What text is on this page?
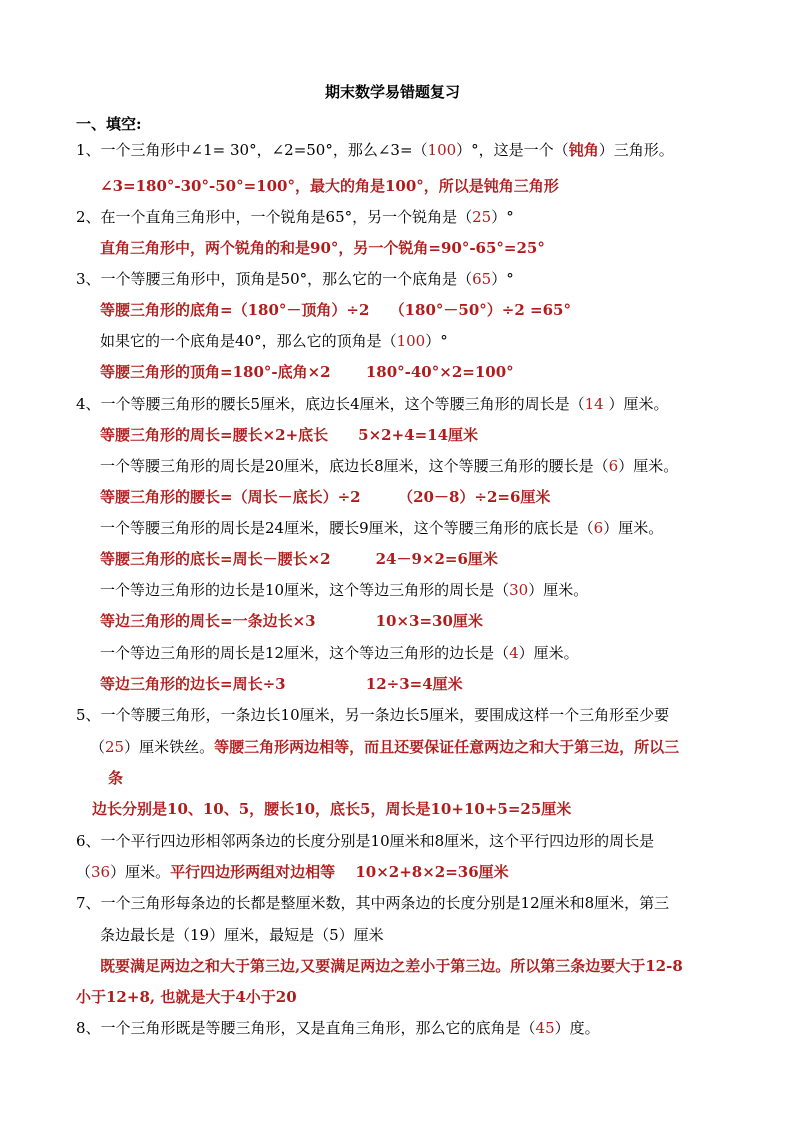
期末数学易错题复习
一、填空:
1、一个三角形中∠1= 30°，∠2=50°，那么∠3=（100）°，这是一个（钝角）三角形。
∠3=180°-30°-50°=100°，最大的角是100°，所以是钝角三角形
2、在一个直角三角形中，一个锐角是65°，另一个锐角是（25）°
直角三角形中，两个锐角的和是90°，另一个锐角=90°-65°=25°
3、一个等腰三角形中，顶角是50°，那么它的一个底角是（65）°
等腰三角形的底角=（180°－顶角）÷2　 （180°－50°）÷2 =65°
如果它的一个底角是40°，那么它的顶角是（100）°
等腰三角形的顶角=180°-底角×2　　 180°-40°×2=100°
4、一个等腰三角形的腰长5厘米，底边长4厘米，这个等腰三角形的周长是（14 ）厘米。
等腰三角形的周长=腰长×2+底长　　5×2+4=14厘米
一个等腰三角形的周长是20厘米，底边长8厘米，这个等腰三角形的腰长是（6）厘米。
等腰三角形的腰长=（周长－底长）÷2　　　（20－8）÷2=6厘米
一个等腰三角形的周长是24厘米，腰长9厘米，这个等腰三角形的底长是（6）厘米。
等腰三角形的底长=周长－腰长×2　　　24－9×2=6厘米
一个等边三角形的边长是10厘米，这个等边三角形的周长是（30）厘米。
等边三角形的周长=一条边长×3　　　　10×3=30厘米
一个等边三角形的周长是12厘米，这个等边三角形的边长是（4）厘米。
等边三角形的边长=周长÷3　　　　　 12÷3=4厘米
5、一个等腰三角形，一条边长10厘米，另一条边长5厘米，要围成这样一个三角形至少要
（25）厘米铁丝。等腰三角形两边相等，而且还要保证任意两边之和大于第三边，所以三
条
边长分别是10、10、5，腰长10，底长5，周长是10+10+5=25厘米
6、一个平行四边形相邻两条边的长度分别是10厘米和8厘米，这个平行四边形的周长是
（36）厘米。平行四边形两组对边相等　 10×2+8×2=36厘米
7、一个三角形每条边的长都是整厘米数，其中两条边的长度分别是12厘米和8厘米，第三
条边最长是（19）厘米，最短是（5）厘米
既要满足两边之和大于第三边,又要满足两边之差小于第三边。所以第三条边要大于12-8
小于12+8, 也就是大于4小于20
8、一个三角形既是等腰三角形，又是直角三角形，那么它的底角是（45）度。
